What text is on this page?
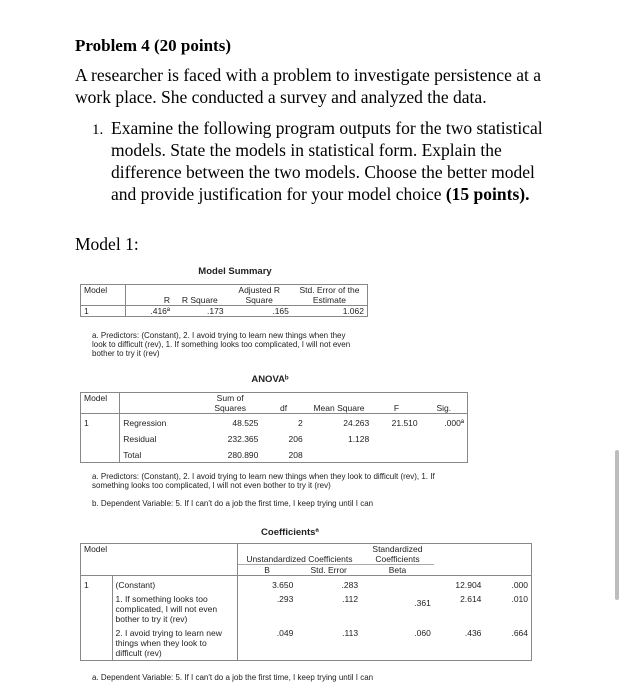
Problem 4 (20 points)
A researcher is faced with a problem to investigate persistence at a work place. She conducted a survey and analyzed the data.
1. Examine the following program outputs for the two statistical models. State the models in statistical form. Explain the difference between the two models. Choose the better model and provide justification for your model choice (15 points).
Model 1:
Model Summary
Model	R	R Square	Adjusted R Square	Std. Error of the Estimate
1	.416ª	.173	.165	1.062
a. Predictors: (Constant), 2. I avoid trying to learn new things when they look to difficult (rev), 1. If something looks too complicated, I will not even bother to try it (rev)
ANOVAᵇ
Model		Sum of Squares	df	Mean Square	F	Sig.
1	Regression	48.525	2	24.263	21.510	.000ª
	Residual	232.365	206	1.128		
	Total	280.890	208			
a. Predictors: (Constant), 2. I avoid trying to learn new things when they look to difficult (rev), 1. If something looks too complicated, I will not even bother to try it (rev)
b. Dependent Variable: 5. If I can't do a job the first time, I keep trying until I can
Coefficientsª
Model		Unstandardized Coefficients		Standardized Coefficients		
		B	Std. Error	Beta		
1	(Constant)	3.650	.283		12.904	.000
	1. If something looks too complicated, I will not even bother to try it (rev)	.293	.112	.361	2.614	.010
	2. I avoid trying to learn new things when they look to difficult (rev)	.049	.113	.060	.436	.664
a. Dependent Variable: 5. If I can't do a job the first time, I keep trying until I can
